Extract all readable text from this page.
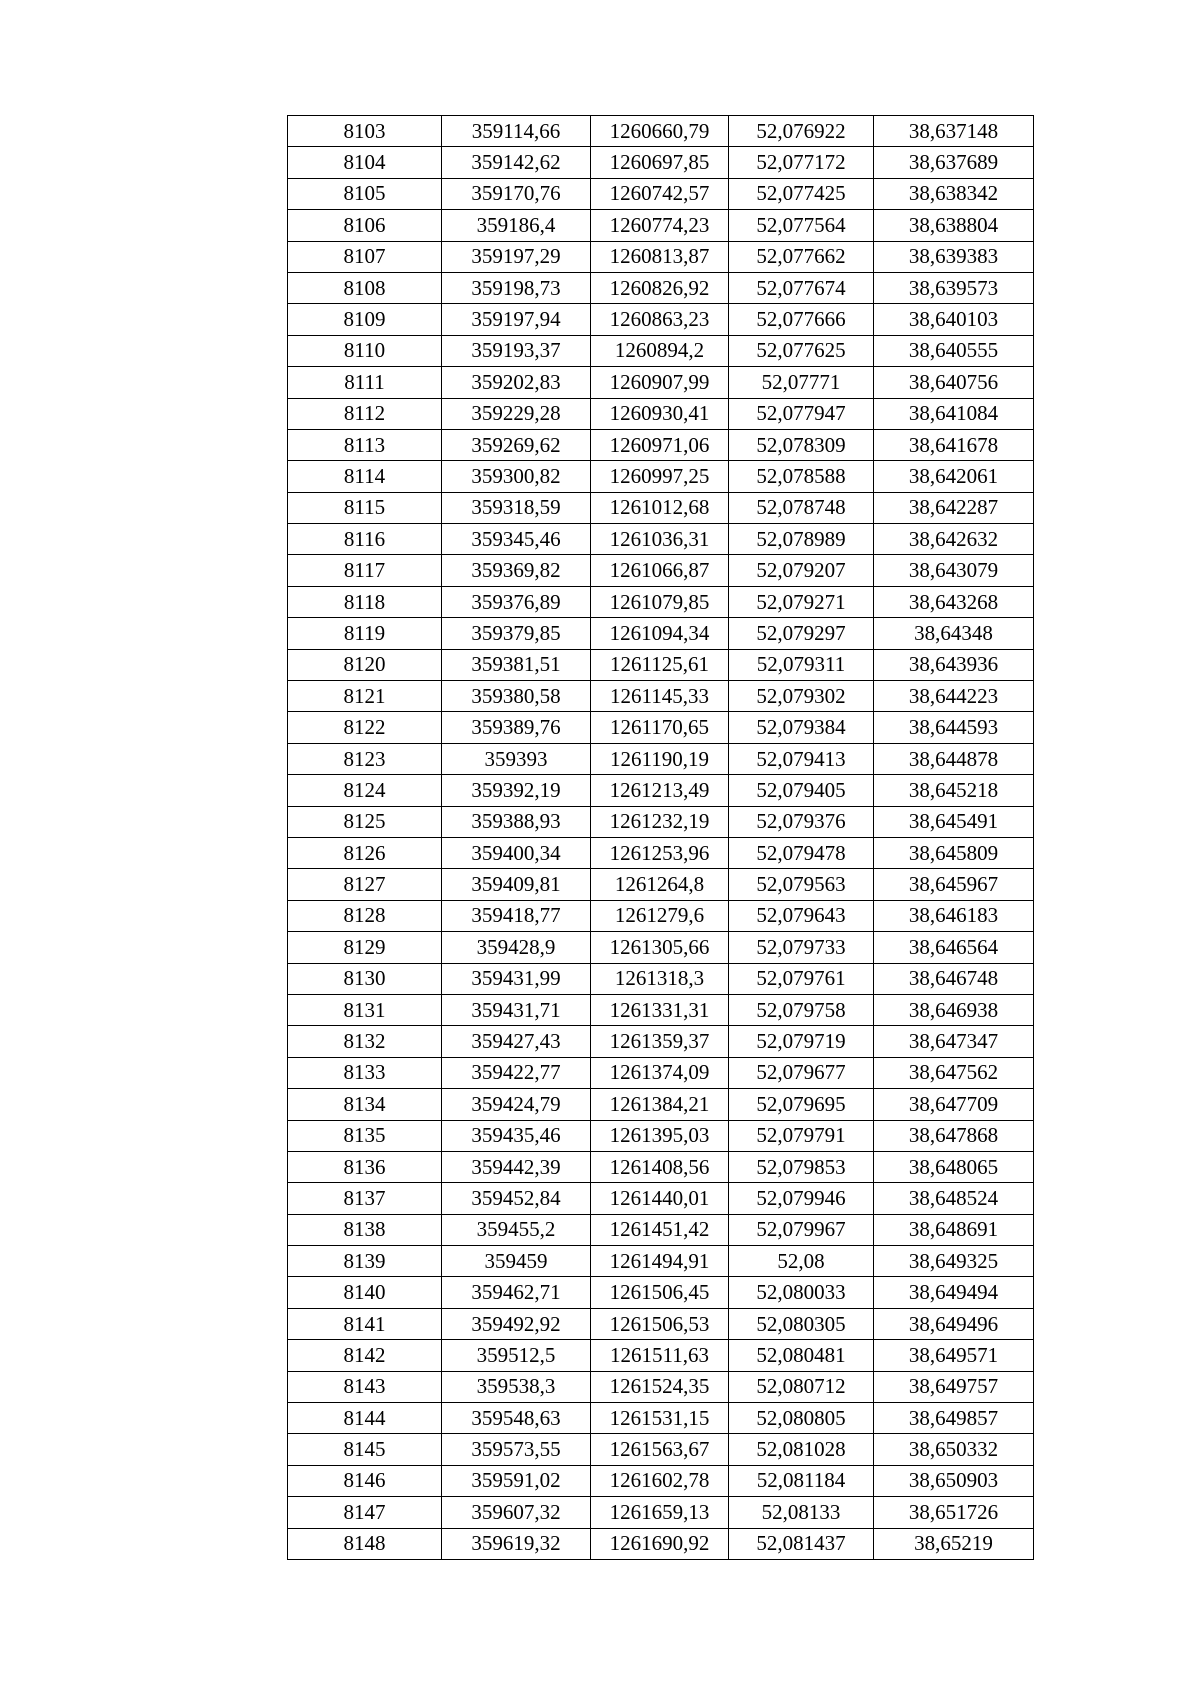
8103	359114,66	1260660,79	52,076922	38,637148
8104	359142,62	1260697,85	52,077172	38,637689
8105	359170,76	1260742,57	52,077425	38,638342
8106	359186,4	1260774,23	52,077564	38,638804
8107	359197,29	1260813,87	52,077662	38,639383
8108	359198,73	1260826,92	52,077674	38,639573
8109	359197,94	1260863,23	52,077666	38,640103
8110	359193,37	1260894,2	52,077625	38,640555
8111	359202,83	1260907,99	52,07771	38,640756
8112	359229,28	1260930,41	52,077947	38,641084
8113	359269,62	1260971,06	52,078309	38,641678
8114	359300,82	1260997,25	52,078588	38,642061
8115	359318,59	1261012,68	52,078748	38,642287
8116	359345,46	1261036,31	52,078989	38,642632
8117	359369,82	1261066,87	52,079207	38,643079
8118	359376,89	1261079,85	52,079271	38,643268
8119	359379,85	1261094,34	52,079297	38,64348
8120	359381,51	1261125,61	52,079311	38,643936
8121	359380,58	1261145,33	52,079302	38,644223
8122	359389,76	1261170,65	52,079384	38,644593
8123	359393	1261190,19	52,079413	38,644878
8124	359392,19	1261213,49	52,079405	38,645218
8125	359388,93	1261232,19	52,079376	38,645491
8126	359400,34	1261253,96	52,079478	38,645809
8127	359409,81	1261264,8	52,079563	38,645967
8128	359418,77	1261279,6	52,079643	38,646183
8129	359428,9	1261305,66	52,079733	38,646564
8130	359431,99	1261318,3	52,079761	38,646748
8131	359431,71	1261331,31	52,079758	38,646938
8132	359427,43	1261359,37	52,079719	38,647347
8133	359422,77	1261374,09	52,079677	38,647562
8134	359424,79	1261384,21	52,079695	38,647709
8135	359435,46	1261395,03	52,079791	38,647868
8136	359442,39	1261408,56	52,079853	38,648065
8137	359452,84	1261440,01	52,079946	38,648524
8138	359455,2	1261451,42	52,079967	38,648691
8139	359459	1261494,91	52,08	38,649325
8140	359462,71	1261506,45	52,080033	38,649494
8141	359492,92	1261506,53	52,080305	38,649496
8142	359512,5	1261511,63	52,080481	38,649571
8143	359538,3	1261524,35	52,080712	38,649757
8144	359548,63	1261531,15	52,080805	38,649857
8145	359573,55	1261563,67	52,081028	38,650332
8146	359591,02	1261602,78	52,081184	38,650903
8147	359607,32	1261659,13	52,08133	38,651726
8148	359619,32	1261690,92	52,081437	38,65219
